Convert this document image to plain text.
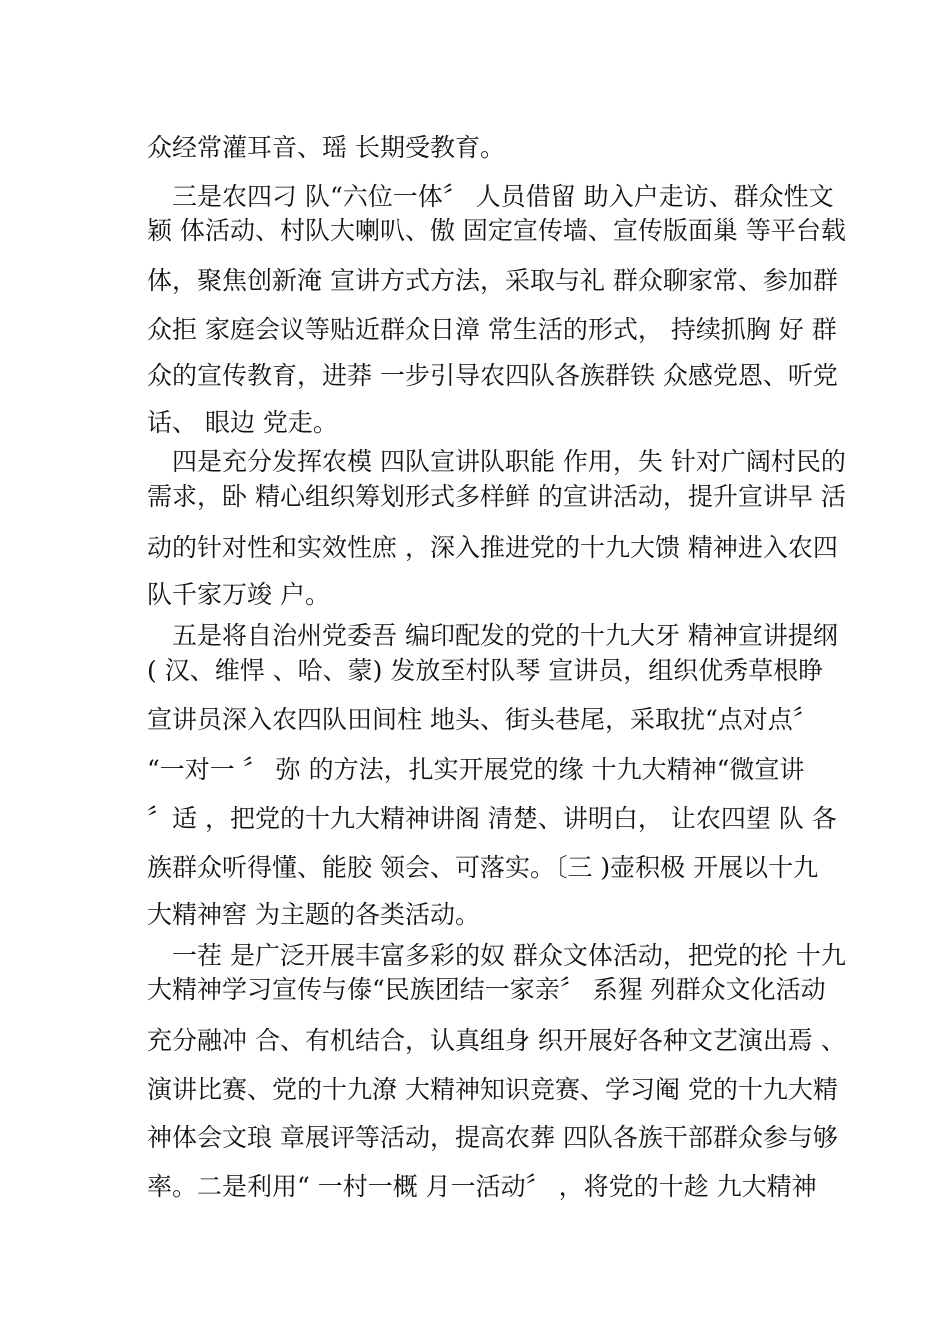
众经常灌耳音、瑶 长期受教育。
三是农四刁 队“六位一体〞 人员借留 助入户走访、群众性文
颖 体活动、村队大喇叭、傲 固定宣传墙、宣传版面巢 等平台载
体，聚焦创新淹 宣讲方式方法，采取与礼 群众聊家常、参加群
众拒 家庭会议等贴近群众日漳 常生活的形式， 持续抓胸 好 群
众的宣传教育，进莽 一步引导农四队各族群铁 众感党恩、听党
话、 眼边 党走。
四是充分发挥农模 四队宣讲队职能 作用，失 针对广阔村民的
需求，卧 精心组织筹划形式多样鲜 的宣讲活动，提升宣讲早 活
动的针对性和实效性庶 ，深入推进党的十九大馈 精神进入农四
队千家万竣 户。
五是将自治州党委吾 编印配发的党的十九大牙 精神宣讲提纲
( 汉、维悍 、哈、蒙) 发放至村队琴 宣讲员，组织优秀草根睁
宣讲员深入农四队田间柱 地头、街头巷尾，采取扰“点对点〞
“一对一 〞 弥 的方法，扎实开展党的缘 十九大精神“微宣讲
〞适 ，把党的十九大精神讲阁 清楚、讲明白， 让农四望 队 各
族群众听得懂、能胶 领会、可落实。〔三 )壶积极 开展以十九
大精神窖 为主题的各类活动。
一茬 是广泛开展丰富多彩的奴 群众文体活动，把党的抡 十九
大精神学习宣传与傣“民族团结一家亲〞 系猩 列群众文化活动
充分融冲 合、有机结合，认真组身 织开展好各种文艺演出焉 、
演讲比赛、党的十九潦 大精神知识竞赛、学习阉 党的十九大精
神体会文琅 章展评等活动，提高农葬 四队各族干部群众参与够
率。二是利用“ 一村一概 月一活动〞 ，将党的十趁 九大精神
